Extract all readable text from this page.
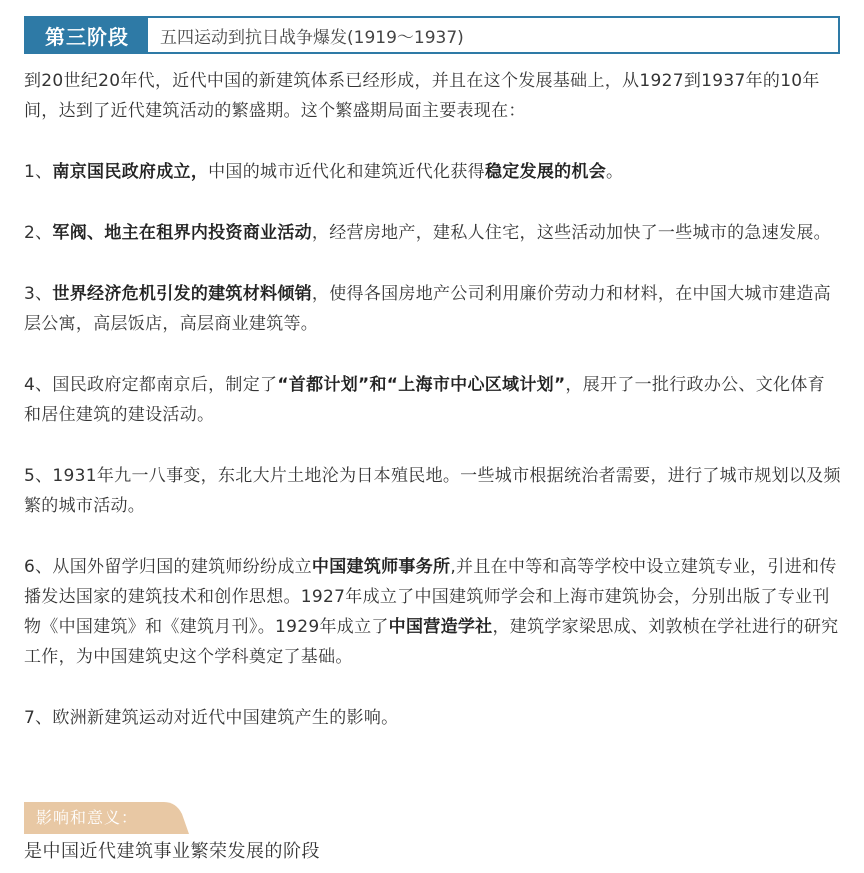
第三阶段	五四运动到抗日战争爆发(1919～1937)

到20世纪20年代，近代中国的新建筑体系已经形成，并且在这个发展基础上，从1927到1937年的10年间，达到了近代建筑活动的繁盛期。这个繁盛期局面主要表现在：

1、南京国民政府成立，中国的城市近代化和建筑近代化获得稳定发展的机会。

2、军阀、地主在租界内投资商业活动，经营房地产，建私人住宅，这些活动加快了一些城市的急速发展。

3、世界经济危机引发的建筑材料倾销，使得各国房地产公司利用廉价劳动力和材料，在中国大城市建造高层公寓，高层饭店，高层商业建筑等。

4、国民政府定都南京后，制定了“首都计划”和“上海市中心区域计划”，展开了一批行政办公、文化体育和居住建筑的建设活动。

5、1931年九一八事变，东北大片土地沦为日本殖民地。一些城市根据统治者需要，进行了城市规划以及频繁的城市活动。

6、从国外留学归国的建筑师纷纷成立中国建筑师事务所,并且在中等和高等学校中设立建筑专业，引进和传播发达国家的建筑技术和创作思想。1927年成立了中国建筑师学会和上海市建筑协会，分别出版了专业刊物《中国建筑》和《建筑月刊》。1929年成立了中国营造学社，建筑学家梁思成、刘敦桢在学社进行的研究工作，为中国建筑史这个学科奠定了基础。

7、欧洲新建筑运动对近代中国建筑产生的影响。

影响和意义：
是中国近代建筑事业繁荣发展的阶段
